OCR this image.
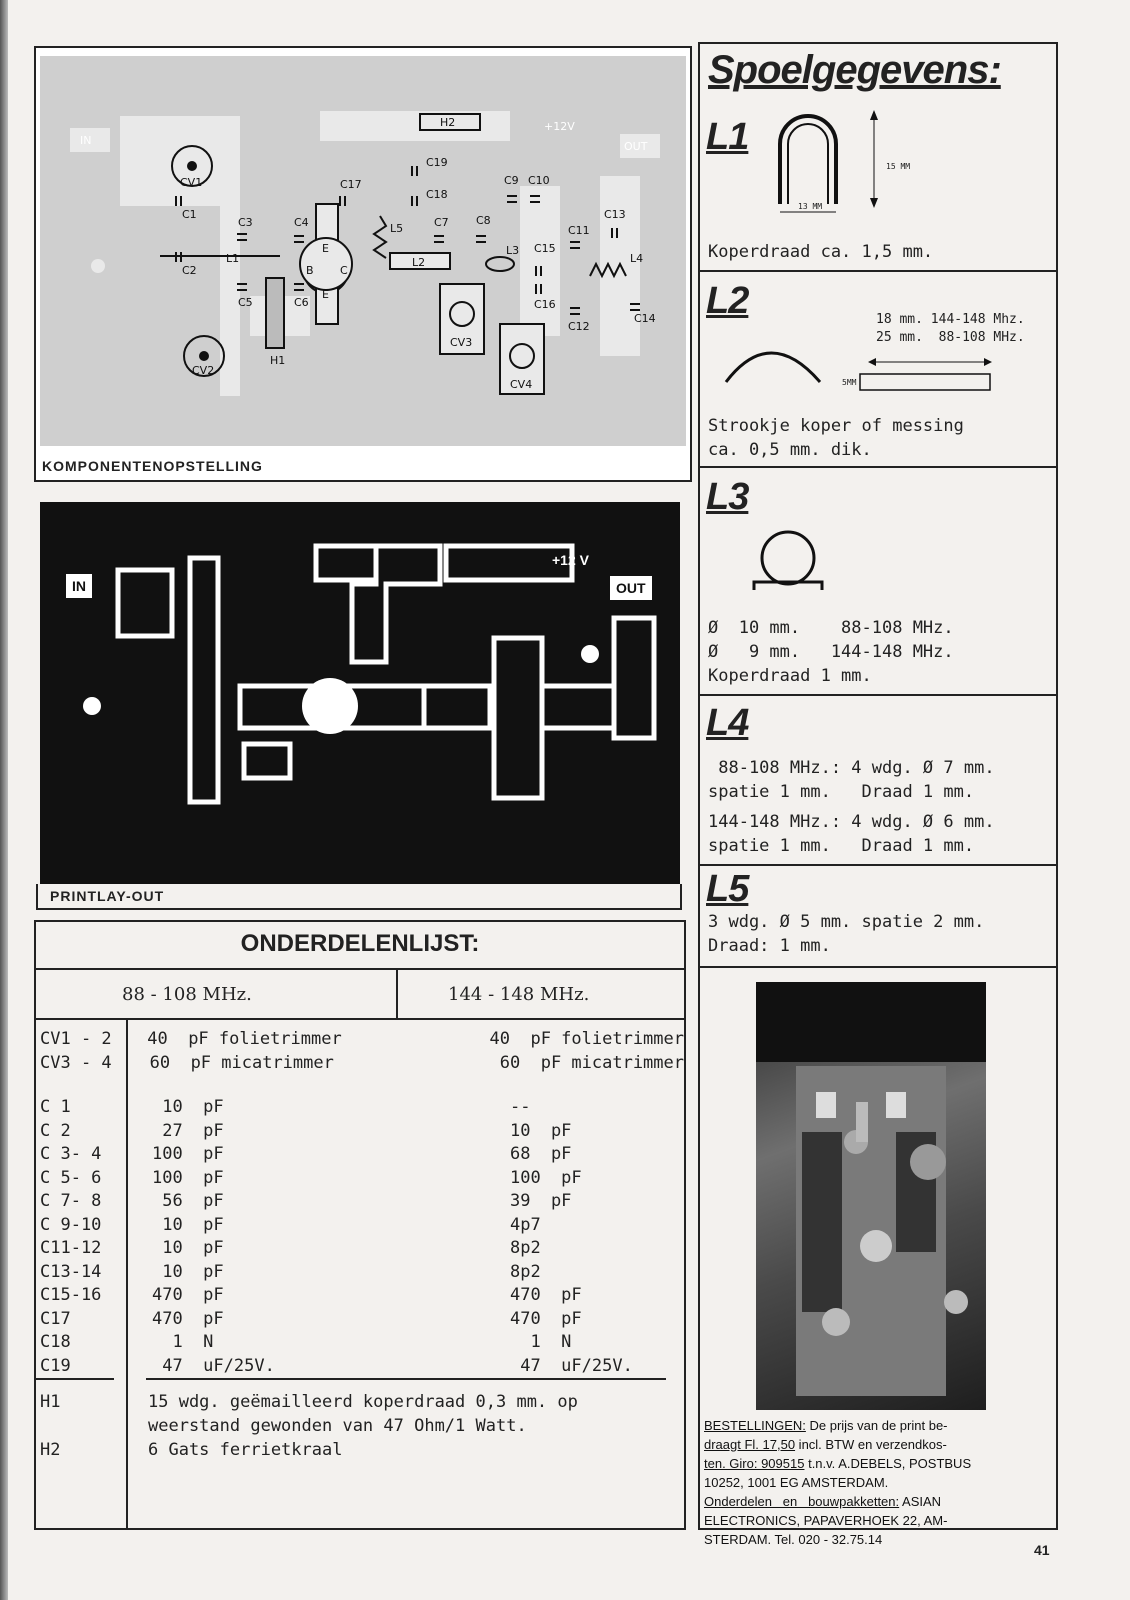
IN	OUT
+12V
CV1
CV2
CV3
CV4
C1
C2
C3	C4
C5	C6
C7 C8
C9 C10
C11
C12
C13
C14
C15
C16
C17
C18
C19
L1	L2
L3
L4
L5
H1
H2
B C
E
E
KOMPONENTENOPSTELLING
IN
+12 V
OUT
PRINTLAY-OUT
ONDERDELENLIJST:
88 - 108 MHz.	144 - 148 MHz.
CV1 - 2	40  pF folietrimmer	40  pF folietrimmer
CV3 - 4	60  pF micatrimmer	60  pF micatrimmer
C 1	10  pF	--
C 2	27  pF	10  pF
C 3- 4	100  pF	68  pF
C 5- 6	100  pF	100  pF
C 7- 8	56  pF	39  pF
C 9-10	10  pF	4p7
C11-12	10  pF	8p2
C13-14	10  pF	8p2
C15-16	470  pF	470  pF
C17	470  pF	470  pF
C18	1  N	1  N
C19	47  uF/25V.	47  uF/25V.
H1	15 wdg. geëmailleerd koperdraad 0,3 mm. op
weerstand gewonden van 47 Ohm/1 Watt.
H2	6 Gats ferrietkraal
Spoelgegevens:
L1
15 MM
13 MM
Koperdraad ca. 1,5 mm.
L2	18 mm. 144-148 Mhz.
25 mm.  88-108 MHz.
5MM
Strookje koper of messing
ca. 0,5 mm. dik.
L3
Ø  10 mm.    88-108 MHz.
Ø   9 mm.   144-148 MHz.
Koperdraad 1 mm.
L4
88-108 MHz.: 4 wdg. Ø 7 mm.
spatie 1 mm.   Draad 1 mm.
144-148 MHz.: 4 wdg. Ø 6 mm.
spatie 1 mm.   Draad 1 mm.
L5
3 wdg. Ø 5 mm. spatie 2 mm.
Draad: 1 mm.
BESTELLINGEN: De prijs van de print be-
draagt Fl. 17,50 incl. BTW en verzendkos-
ten. Giro: 909515 t.n.v. A.DEBELS, POSTBUS
10252, 1001 EG AMSTERDAM.
Onderdelen   en   bouwpakketten: ASIAN
ELECTRONICS, PAPAVERHOEK 22, AM-
STERDAM. Tel. 020 - 32.75.14
41
